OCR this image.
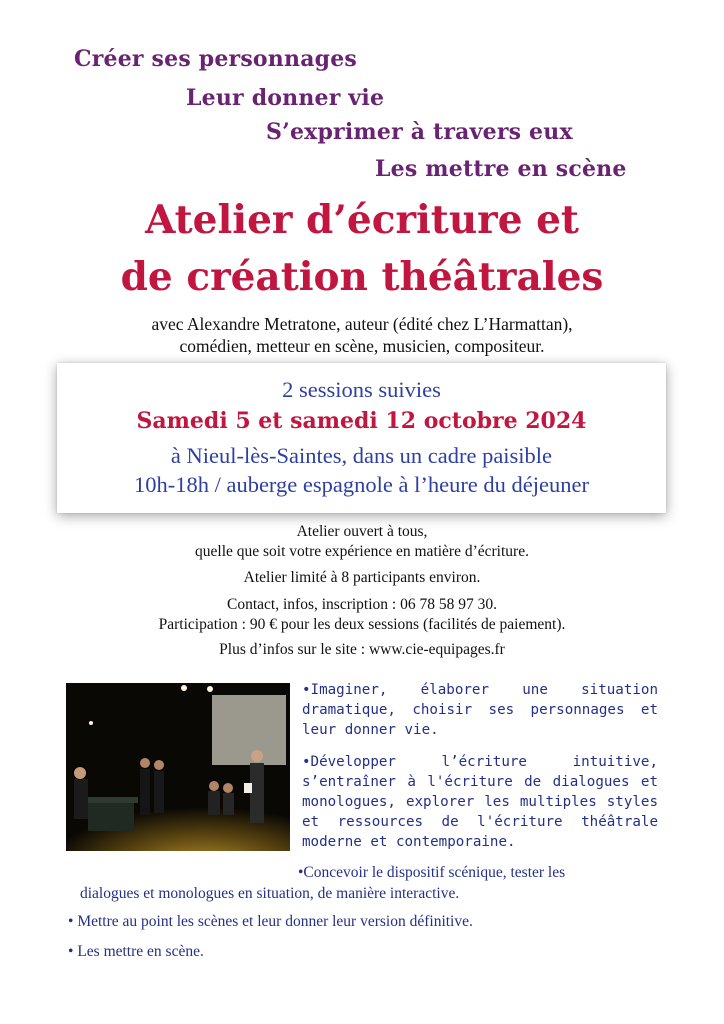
Créer ses personnages
Leur donner vie
S’exprimer à travers eux
Les mettre en scène
Atelier d’écriture et
de création théâtrales

avec Alexandre Metratone, auteur (édité chez L’Harmattan),

comédien, metteur en scène, musicien, compositeur.

2 sessions suivies

Samedi 5 et samedi 12 octobre 2024

à Nieul-lès-Saintes, dans un cadre paisible

10h-18h / auberge espagnole à l’heure du déjeuner

Atelier ouvert à tous,

quelle que soit votre expérience en matière d’écriture.

Atelier limité à 8 participants environ.

Contact, infos, inscription : 06 78 58 97 30.

Participation : 90 € pour les deux sessions (facilités de paiement).

Plus d’infos sur le site : www.cie-equipages.fr

•Imaginer, élaborer une situation dramatique, choisir ses personnages et leur donner vie.

•Développer l’écriture intuitive, s’entraîner à l'écriture de dialogues et monologues, explorer les multiples styles et ressources de l'écriture théâtrale moderne et contemporaine.

•Concevoir le dispositif scénique, tester les
dialogues et monologues en situation, de manière interactive.

• Mettre au point les scènes et leur donner leur version définitive.

• Les mettre en scène.
